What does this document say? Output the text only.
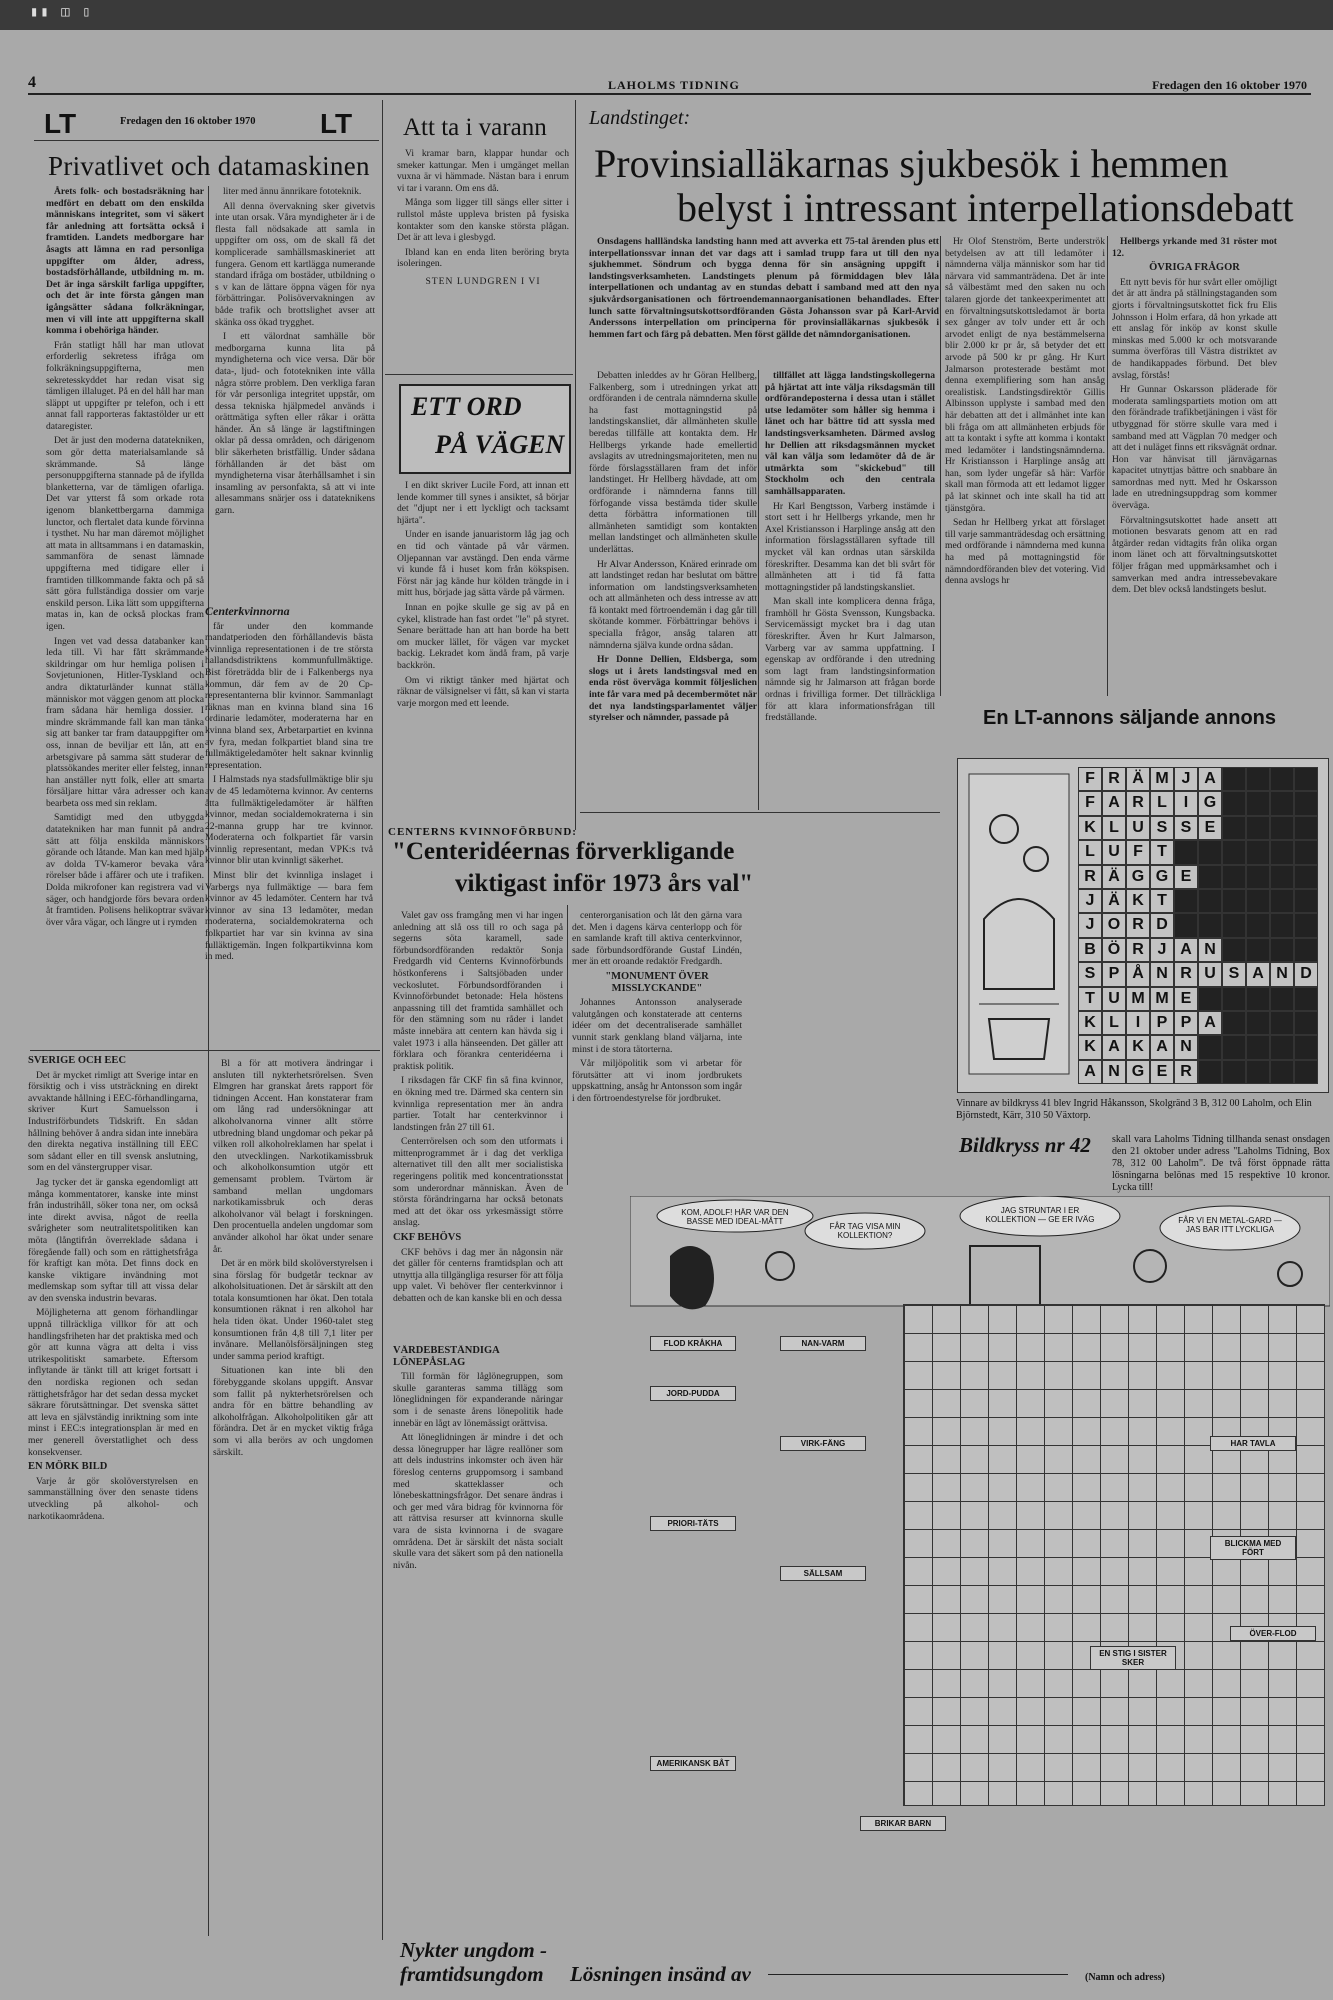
▮▮ ◫ ▯
4	LAHOLMS TIDNING	Fredagen den 16 oktober 1970
LT	Fredagen den 16 oktober 1970 LT
Privatlivet och datamaskinen

Årets folk- och bostadsräkning har medfört en debatt om den enskilda människans integritet, som vi säkert får anledning att fortsätta också i framtiden. Landets medborgare har åsagts att lämna en rad personliga uppgifter om ålder, adress, bostadsförhållande, utbildning m. m. Det är inga särskilt farliga uppgifter, och det är inte första gången man igångsätter sådana folkräkningar, men vi vill inte att uppgifterna skall komma i obehöriga händer.

Från statligt håll har man utlovat erforderlig sekretess ifråga om folkräkningsuppgifterna, men sekretesskyddet har redan visat sig tämligen illaluget. På en del håll har man släppt ut uppgifter pr telefon, och i ett annat fall rapporteras faktastölder ur ett dataregister.

Det är just den moderna datatekniken, som gör detta materialsamlande så skrämmande. Så länge personuppgifterna stannade på de ifyllda blanketterna, var de tämligen ofarliga. Det var ytterst få som orkade rota igenom blankettbergarna dammiga lunctor, och flertalet data kunde förvinna i tysthet. Nu har man däremot möjlighet att mata in alltsammans i en datamaskin, sammanföra de senast lämnade uppgifterna med tidigare eller i framtiden tillkommande fakta och på så sätt göra fullständiga dossier om varje enskild person. Lika lätt som uppgifterna matas in, kan de också plockas fram igen.

Ingen vet vad dessa databanker kan leda till. Vi har fått skrämmande skildringar om hur hemliga polisen i Sovjetunionen, Hitler-Tyskland och andra diktaturländer kunnat ställa människor mot väggen genom att plocka fram sådana här hemliga dossier. I mindre skrämmande fall kan man tänka sig att banker tar fram datauppgifter om oss, innan de beviljar ett lån, att en arbetsgivare på samma sätt studerar de platssökandes meriter eller felsteg, innan han anställer nytt folk, eller att smarta försäljare hittar våra adresser och kan bearbeta oss med sin reklam.

Samtidigt med den utbyggda datatekniken har man funnit på andra sätt att följa enskilda människors görande och låtande. Man kan med hjälp av dolda TV-kameror bevaka våra rörelser både i affärer och ute i trafiken. Dolda mikrofoner kan registrera vad vi säger, och handgjorde förs bevara orden åt framtiden. Polisens helikoptrar svävar över våra vägar, och längre ut i rymden

liter med ännu ännrikare fototeknik.

All denna övervakning sker givetvis inte utan orsak. Våra myndigheter är i de flesta fall nödsakade att samla in uppgifter om oss, om de skall få det komplicerade samhällsmaskineriet att fungera. Genom ett kartlägga numerande standard ifråga om bostäder, utbildning o s v kan de lättare öppna vägen för nya förbättringar. Polisövervakningen av både trafik och brottslighet avser att skänka oss ökad trygghet.

I ett välordnat samhälle bör medborgarna kunna lita på myndigheterna och vice versa. Där bör data-, ljud- och fototekniken inte vålla några större problem. Den verkliga faran för vår personliga integritet uppstår, om dessa tekniska hjälpmedel används i orättmätiga syften eller råkar i orätta händer. Än så länge är lagstiftningen oklar på dessa områden, och därigenom blir säkerheten bristfällig. Under sådana förhållanden är det bäst om myndigheterna visar återhållsamhet i sin insamling av personfakta, så att vi inte allesammans snärjer oss i datateknikens garn.

Att ta i varann

Vi kramar barn, klappar hundar och smeker kattungar. Men i umgänget mellan vuxna är vi hämmade. Nästan bara i enrum vi tar i varann. Om ens då.

Många som ligger till sängs eller sitter i rullstol måste uppleva bristen på fysiska kontakter som den kanske största plågan. Det är att leva i glesbygd.

Ibland kan en enda liten beröring bryta isoleringen.

STEN LUNDGREN I VI

ETT ORD
PÅ VÄGEN

I en dikt skriver Lucile Ford, att innan ett lende kommer till synes i ansiktet, så börjar det "djupt ner i ett lyckligt och tacksamt hjärta".

Under en isande januaristorm låg jag och en tid och väntade på vår värmen. Oljepannan var avstängd. Den enda värme vi kunde få i huset kom från kökspisen. Först när jag kände hur kölden trängde in i mitt hus, började jag sätta värde på värmen.

Innan en pojke skulle ge sig av på en cykel, klistrade han fast ordet "le" på styret. Senare berättade han att han borde ha bett om mucker lället, för vägen var mycket backig. Lekradet kom ändå fram, på varje backkrön.

Om vi riktigt tänker med hjärtat och räknar de välsignelser vi fått, så kan vi starta varje morgon med ett leende.

Centerkvinnorna

får under den kommande mandatperioden den förhållandevis bästa kvinnliga representationen i de tre största hallandsdistriktens kommunfullmäktige. Bist företrädda blir de i Falkenbergs nya kommun, där fem av de 20 Cp-representanterna blir kvinnor. Sammanlagt räknas man en kvinna bland sina 16 ordinarie ledamöter, moderaterna har en kvinna bland sex, Arbetarpartiet en kvinna av fyra, medan folkpartiet bland sina tre fullmäktigeledamöter helt saknar kvinnlig representation.

I Halmstads nya stadsfullmäktige blir sju av de 45 ledamöterna kvinnor. Av centerns åtta fullmäktigeledamöter är hälften kvinnor, medan socialdemokraterna i sin 22-manna grupp har tre kvinnor. Moderaterna och folkpartiet får varsin kvinnlig representant, medan VPK:s två kvinnor blir utan kvinnligt säkerhet.

Minst blir det kvinnliga inslaget i Varbergs nya fullmäktige — bara fem kvinnor av 45 ledamöter. Centern har två kvinnor av sina 13 ledamöter, medan moderaterna, socialdemokraterna och folkpartiet har var sin kvinna av sina fulläktigemän. Ingen folkpartikvinna kom in med.

SVERIGE OCH EEC

Det är mycket rimligt att Sverige intar en försiktig och i viss utsträckning en direkt avvaktande hållning i EEC-förhandlingarna, skriver Kurt Samuelsson i Industriförbundets Tidskrift. En sådan hållning behöver å andra sidan inte innebära den direkta negativa inställning till EEC som sådant eller en till svensk anslutning, som en del vänstergrupper visar.

Jag tycker det är ganska egendomligt att många kommentatorer, kanske inte minst från industrihåll, söker tona ner, om också inte direkt avvisa, något de reella svårigheter som neutralitetspolitiken kan möta (långtifrån överreklade sådana i föregående fall) och som en rättighetsfråga för kraftigt kan möta. Det finns dock en kanske viktigare invändning mot medlemskap som syftar till att vissa delar av den svenska industrin bevaras.

Möjligheterna att genom förhandlingar uppnå tillräckliga villkor för att och handlingsfriheten har det praktiska med och gör att kunna vägra att delta i viss utrikespolitiskt samarbete. Eftersom inflytande är tänkt till att kriget fortsatt i den nordiska regionen och sedan rättighetsfrågor har det sedan dessa mycket säkrare förutsättningar. Det svenska sättet att leva en självständig inriktning som inte minst i EEC:s integrationsplan är med en mer generell överstatlighet och dess konsekvenser.

EN MÖRK BILD

Varje år gör skolöverstyrelsen en sammanställning över den senaste tidens utveckling på alkohol- och narkotikaområdena.

Bl a för att motivera ändringar i ansluten till nykterhetsrörelsen. Sven Elmgren har granskat årets rapport för tidningen Accent. Han konstaterar fram om lång rad undersökningar att alkoholvanorna vinner allt större utbredning bland ungdomar och pekar på vilken roll alkoholreklamen har spelat i den utvecklingen. Narkotikamissbruk och alkoholkonsumtion utgör ett gemensamt problem. Tvärtom är samband mellan ungdomars narkotikamissbruk och deras alkoholvanor väl belagt i forskningen. Den procentuella andelen ungdomar som använder alkohol har ökat under senare år.

Det är en mörk bild skolöverstyrelsen i sina förslag för budgetår tecknar av alkoholsituationen. Det är särskilt att den totala konsumtionen har ökat. Den totala konsumtionen räknat i ren alkohol har hela tiden ökat. Under 1960-talet steg konsumtionen från 4,8 till 7,1 liter per invånare. Mellanölsförsäljningen steg under samma period kraftigt.

Situationen kan inte bli den förebyggande skolans uppgift. Ansvar som fallit på nykterhetsrörelsen och andra för en bättre behandling av alkoholfrågan. Alkoholpolitiken går att förändra. Det är en mycket viktig fråga som vi alla berörs av och ungdomen särskilt.

Landstinget:
Provinsialläkarnas sjukbesök i hemmen
belyst i intressant interpellationsdebatt

Onsdagens hallländska landsting hann med att avverka ett 75-tal ärenden plus ett interpellationssvar innan det var dags att i samlad trupp fara ut till den nya sjukhemmet. Söndrum och bygga denna för sin ansägning uppgift i landstingsverksamheten. Landstingets plenum på förmiddagen blev låla interpellationen och undantag av en stundas debatt i samband med att den nya sjukvårdsorganisationen och förtroendemannaorganisationen behandlades. Efter lunch satte förvaltningsutskottsordföranden Gösta Johansson svar på Karl-Arvid Anderssons interpellation om principerna för provinsialläkarnas sjukbesök i hemmen fart och färg på debatten. Men först gällde det nämndorganisationen.

Debatten inleddes av hr Göran Hellberg, Falkenberg, som i utredningen yrkat att ordföranden i de centrala nämnderna skulle ha fast mottagningstid på landstingskansliet, där allmänheten skulle beredas tillfälle att kontakta dem. Hr Hellbergs yrkande hade emellertid avslagits av utredningsmajoriteten, men nu förde förslagsställaren fram det inför landstinget. Hr Hellberg hävdade, att om ordförande i nämnderna fanns till förfogande vissa bestämda tider skulle detta förbättra informationen till allmänheten samtidigt som kontakten mellan landstinget och allmänheten skulle underlättas.

Hr Alvar Andersson, Knäred erinrade om att landstinget redan har beslutat om bättre information om landstingsverksamheten och att allmänheten och dess intresse av att få kontakt med förtroendemän i dag går till skötande kommer. Förbättringar behövs i specialla frågor, ansåg talaren att nämnderna själva kunde ordna sådan.

Hr Donne Dellien, Eldsberga, som slogs ut i årets landstingsval med en enda röst överväga kommit följeslichen inte får vara med på decembermötet när det nya landstingsparlamentet väljer styrelser och nämnder, passade på

tillfället att lägga landstingskollegerna på hjärtat att inte välja riksdagsmän till ordförandeposterna i dessa utan i stället utse ledamöter som håller sig hemma i länet och har bättre tid att syssla med landstingsverksamheten. Därmed avslog hr Dellien att riksdagsmännen mycket väl kan välja som ledamöter då de är utmärkta som "skickebud" till Stockholm och den centrala samhällsapparaten.

Hr Karl Bengtsson, Varberg instämde i stort sett i hr Hellbergs yrkande, men hr Axel Kristiansson i Harplinge ansåg att den information förslagsställaren syftade till mycket väl kan ordnas utan särskilda föreskrifter. Desamma kan det bli svårt för allmänheten att i tid få fatta mottagningstider på landstingskansliet.

Man skall inte komplicera denna fråga, framhöll hr Gösta Svensson, Kungsbacka. Servicemässigt mycket bra i dag utan föreskrifter. Även hr Kurt Jalmarson, Varberg var av samma uppfattning. I egenskap av ordförande i den utredning som lagt fram landstingsinformation nämnde sig hr Jalmarson att frågan borde ordnas i frivilliga former. Det tillräckliga för att klara informationsfrågan till fredställande.

Hr Olof Stenström, Berte underströk betydelsen av att till ledamöter i nämnderna välja människor som har tid närvara vid sammanträdena. Det är inte så välbestämt med den saken nu och talaren gjorde det tankeexperimentet att en förvaltningsutskottsledamot är borta sex gånger av tolv under ett år och arvodet enligt de nya bestämmelserna blir 2.000 kr pr år, så betyder det ett arvode på 500 kr pr gång. Hr Kurt Jalmarson protesterade bestämt mot denna exemplifiering som han ansåg orealistisk. Landstingsdirektör Gillis Albinsson upplyste i sambad med den här debatten att det i allmänhet inte kan bli fråga om att allmänheten erbjuds för att ta kontakt i syfte att komma i kontakt med ledamöter i landstingsnämnderna. Hr Kristiansson i Harplinge ansåg att han, som lyder ungefär så här: Varför skall man förmoda att ett ledamot ligger på lat skinnet och inte skall ha tid att tjänstgöra.

Sedan hr Hellberg yrkat att förslaget till varje sammanträdesdag och ersättning med ordförande i nämnderna med kunna ha med på mottagningstid för nämndordföranden blev det votering. Vid denna avslogs hr

Hellbergs yrkande med 31 röster mot 12.

ÖVRIGA FRÅGOR

Ett nytt bevis för hur svårt eller omöjligt det är att ändra på ställningstaganden som gjorts i förvaltningsutskottet fick fru Elis Johnsson i Holm erfara, då hon yrkade att ett anslag för inköp av konst skulle minskas med 5.000 kr och motsvarande summa överföras till Västra distriktet av de handikappades förbund. Det blev avslag, förstås!

Hr Gunnar Oskarsson pläderade för moderata samlingspartiets motion om att den förändrade trafikbetjäningen i väst för utbyggnad för större skulle vara med i samband med att Vägplan 70 medger och att det i nuläget finns ett riksvägnät ordnar. Hon var hänvisat till järnvägarnas kapacitet utnyttjas bättre och snabbare än samordnas med nytt. Med hr Oskarsson lade en utredningsuppdrag som kommer överväga.

Förvaltningsutskottet hade ansett att motionen besvarats genom att en rad åtgärder redan vidtagits från olika organ inom länet och att förvaltningsutskottet följer frågan med uppmärksamhet och i samverkan med andra intressebevakare dem. Det blev också landstingets beslut.

CENTERNS KVINNOFÖRBUND:
"Centeridéernas förverkligande
viktigast inför 1973 års val"

Valet gav oss framgång men vi har ingen anledning att slå oss till ro och saga på segerns söta karamell, sade förbundsordföranden redaktör Sonja Fredgardh vid Centerns Kvinnoförbunds höstkonferens i Saltsjöbaden under veckoslutet. Förbundsordföranden i Kvinnoförbundet betonade: Hela höstens anpassning till det framtida samhället och för den stämning som nu råder i landet måste innebära att centern kan hävda sig i valet 1973 i alla hänseenden. Det gäller att förklara och förankra centeridéerna i praktisk politik.

I riksdagen får CKF fin så fina kvinnor, en ökning med tre. Därmed ska centern sin kvinnliga representation mer än andra partier. Totalt har centerkvinnor i landstingen från 27 till 61.

Centerrörelsen och som den utformats i mittenprogrammet är i dag det verkliga alternativet till den allt mer socialistiska regeringens politik med koncentrationsstat som underordnar människan. Även de största förändringarna har också betonats med att det ökar oss yrkesmässigt större anslag.

CKF BEHÖVS

CKF behövs i dag mer än någonsin när det gäller för centerns framtidsplan och att utnyttja alla tillgängliga resurser för att följa upp valet. Vi behöver fler centerkvinnor i debatten och de kan kanske bli en och dessa

centerorganisation och låt den gärna vara det. Men i dagens kärva centerlopp och för en samlande kraft till aktiva centerkvinnor, sade förbundsordförande Gustaf Lindén, mer än ett oroande redaktör Fredgardh.

"MONUMENT ÖVER MISSLYCKANDE"

Johannes Antonsson analyserade valutgången och konstaterade att centerns idéer om det decentraliserade samhället vunnit stark genklang bland väljarna, inte minst i de stora tätorterna.

Vår miljöpolitik som vi arbetar för förutsätter att vi inom jordbrukets uppskattning, ansåg hr Antonsson som ingår i den förtroendestyrelse för jordbruket.

VÄRDEBESTÄNDIGA LÖNEPÅSLAG

Till formän för låglönegruppen, som skulle garanteras samma tillägg som löneglidningen för expanderande näringar som i de senaste årens lönepolitik hade innebär en lågt av lönemässigt orättvisa.

Att löneglidningen är mindre i det och dessa lönegrupper har lägre reallöner som att dels industrins inkomster och även här föreslog centerns gruppomsorg i samband med skatteklasser och lönebeskattningsfrågor. Det senare ändras i och ger med våra bidrag för kvinnorna för att rättvisa resurser att kvinnorna skulle vara de sista kvinnorna i de svagare områdena. Det är särskilt det nästa socialt skulle vara det säkert som på den nationella nivån.

En LT-annons säljande annons
F R Ä M J A
F A R L	I G
K L U S S E
L U F T
R Ä G G E
J Ä K T
J O R D
B Ö R J A N
S P Å N R U S A N D
T U M M E
K L	I	P P A
K A K A N
A N G E R
Vinnare av bildkryss 41 blev Ingrid Håkansson, Skolgränd 3 B, 312 00 Laholm, och Elin Björnstedt, Kärr, 310 50 Växtorp.
Bildkryss nr 42 skall vara Laholms Tidning tillhanda senast onsdagen den 21 oktober under adress "Laholms Tidning, Box 78, 312 00 Laholm". De två först öppnade rätta lösningarna belönas med 15 respektive 10 kronor. Lycka till!
KOM, ADOLF! HÄR VAR DEN BASSE MED IDEAL-MÅTT
FÅR TAG VISA MIN KOLLEKTION?
JAG STRUNTAR I ER KOLLEKTION — GE ER IVÄG	FÅR VI EN METAL-GARD — JAS BAR ITT LYCKLIGA
FLOD KRÅKHA
JORD-PUDDA
NAN-VARM
VIRK-FÄNG
PRIORI-TÄTS
HAR TAVLA
SÄLLSAM
BLICKMA MED FÖRT
ÖVER-FLOD
EN STIG I SISTER SKER
AMERIKANSK BÅT
BRIKAR BARN
Nykter ungdom -
framtidsungdom Lösningen insänd av	(Namn och adress)
